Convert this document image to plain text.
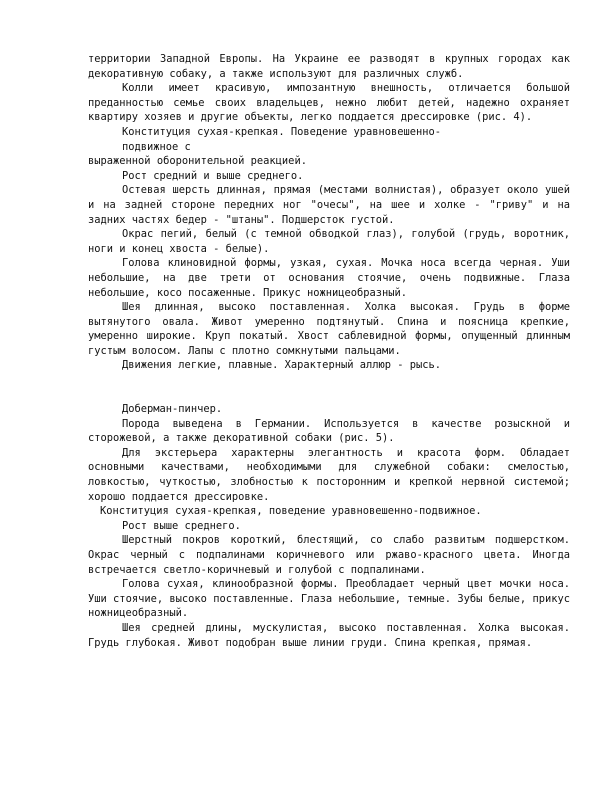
территории Западной Европы. На Украине ее разводят в крупных городах как декоративную собаку, а также используют для различных служб.

Колли имеет красивую, импозантную внешность, отличается большой преданностью семье своих владельцев, нежно любит детей, надежно охраняет квартиру хозяев и другие объекты, легко поддается дрессировке (рис. 4).

Конституция сухая-крепкая. Поведение уравновешенно-

подвижное с

выраженной оборонительной реакцией.

Рост средний и выше среднего.

Остевая шерсть длинная, прямая (местами волнистая), образует около ушей и на задней стороне передних ног "очесы", на шее и холке - "гриву" и на задних частях бедер - "штаны". Подшерсток густой.

Окрас пегий, белый (с темной обводкой глаз), голубой (грудь, воротник, ноги и конец хвоста - белые).

Голова клиновидной формы, узкая, сухая. Мочка носа всегда черная. Уши небольшие, на две трети от основания стоячие, очень подвижные. Глаза небольшие, косо посаженные. Прикус ножницеобразный.

Шея длинная, высоко поставленная. Холка высокая. Грудь в форме вытянутого овала. Живот умеренно подтянутый. Спина и поясница крепкие, умеренно широкие. Круп покатый. Хвост саблевидной формы, опущенный длинным густым волосом. Лапы с плотно сомкнутыми пальцами.

Движения легкие, плавные. Характерный аллюр - рысь.

Доберман-пинчер.

Порода выведена в Германии. Используется в качестве розыскной и сторожевой, а также декоративной собаки (рис. 5).

Для экстерьера характерны элегантность и красота форм. Обладает основными качествами, необходимыми для служебной собаки: смелостью, ловкостью, чуткостью, злобностью к посторонним и крепкой нервной системой; хорошо поддается дрессировке.

Конституция сухая-крепкая, поведение уравновешенно-подвижное.

Рост выше среднего.

Шерстный покров короткий, блестящий, со слабо развитым подшерстком. Окрас черный с подпалинами коричневого или ржаво-красного цвета. Иногда встречается светло-коричневый и голубой с подпалинами.

Голова сухая, клинообразной формы. Преобладает черный цвет мочки носа. Уши стоячие, высоко поставленные. Глаза небольшие, темные. Зубы белые, прикус ножницеобразный.

Шея средней длины, мускулистая, высоко поставленная. Холка высокая. Грудь глубокая. Живот подобран выше линии груди. Спина крепкая, прямая.
